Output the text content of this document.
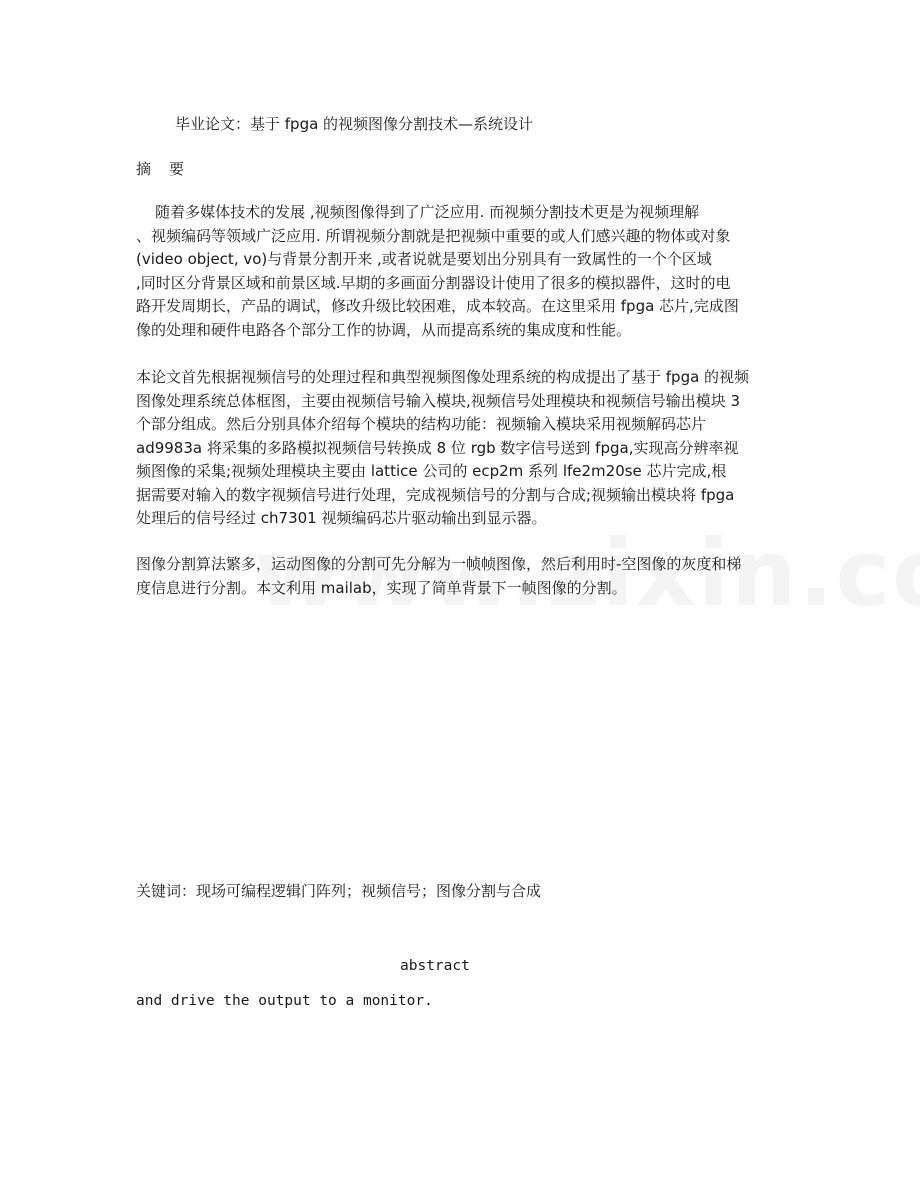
毕业论文：基于 fpga 的视频图像分割技术—系统设计
摘要
随着多媒体技术的发展 ,视频图像得到了广泛应用. 而视频分割技术更是为视频理解
、视频编码等领域广泛应用. 所谓视频分割就是把视频中重要的或人们感兴趣的物体或对象
(video object, vo)与背景分割开来 ,或者说就是要划出分别具有一致属性的一个个区域
,同时区分背景区域和前景区域.早期的多画面分割器设计使用了很多的模拟器件，这时的电
路开发周期长，产品的调试，修改升级比较困难，成本较高。在这里采用 fpga 芯片,完成图
像的处理和硬件电路各个部分工作的协调，从而提高系统的集成度和性能。
本论文首先根据视频信号的处理过程和典型视频图像处理系统的构成提出了基于 fpga 的视频
图像处理系统总体框图，主要由视频信号输入模块,视频信号处理模块和视频信号输出模块 3
个部分组成。然后分别具体介绍每个模块的结构功能：视频输入模块采用视频解码芯片
ad9983a 将采集的多路模拟视频信号转换成 8 位 rgb 数字信号送到 fpga,实现高分辨率视
频图像的采集;视频处理模块主要由 lattice 公司的 ecp2m 系列 lfe2m20se 芯片完成,根
据需要对输入的数字视频信号进行处理，完成视频信号的分割与合成;视频输出模块将 fpga
处理后的信号经过 ch7301 视频编码芯片驱动输出到显示器。
图像分割算法繁多，运动图像的分割可先分解为一帧帧图像，然后利用时-空图像的灰度和梯
度信息进行分割。本文利用 mailab，实现了简单背景下一帧图像的分割。
关键词：现场可编程逻辑门阵列；视频信号；图像分割与合成
abstract
and drive the output to a monitor.
